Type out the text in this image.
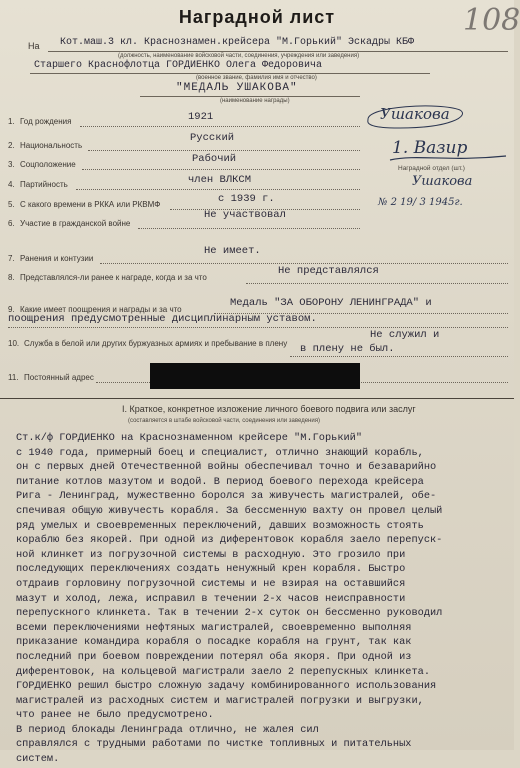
Наградной лист	108
На Кот.маш.3 кл. Краснознамен.крейсера "М.Горький" Эскадры КБФ
(должность, наименование войсковой части, соединения, учреждения или заведения)
Старшего Краснофлотца ГОРДИЕНКО Олега Федоровича
(военное звание, фамилия имя и отчество)
"МЕДАЛЬ УШАКОВА"
(наименование награды)
1. Год рождения	1921
2. Национальность
Русский
3. Соцположение	Рабочий
4. Партийность	член ВЛКСМ
5. С какого времени в РККА или РКВМФ	с 1939 г.
6. Участие в гражданской войне
Не участвовал
7. Ранения и контузии
Не имеет.
8. Представлялся-ли ранее к награде, когда и за что
Не представлялся
9. Какие имеет поощрения и награды и за что
Медаль "ЗА ОБОРОНУ ЛЕНИНГРАДА" и
поощрения предусмотренные дисциплинарным уставом.
10. Служба в белой или других буржуазных армиях и пребывание в плену
Не служил и
в плену не был.
11. Постоянный адрес
I. Краткое, конкретное изложение личного боевого подвига или заслуг
(составляется в штабе войсковой части, соединения или заведения)
Ст.к/ф ГОРДИЕНКО на Краснознаменном крейсере "М.Горький"
с 1940 года, примерный боец и специалист, отлично знающий корабль,
он с первых дней Отечественной войны обеспечивал точно и безаварийно
питание котлов мазутом и водой. В период боевого перехода крейсера
Рига - Ленинград, мужественно боролся за живучесть магистралей, обе-
спечивая общую живучесть корабля. За бессменную вахту он провел целый
ряд умелых и своевременных переключений, давших возможность стоять
кораблю без якорей. При одной из диферентовок корабля заело перепуск-
ной клинкет из погрузочной системы в расходную. Это грозило при
последующих переключениях создать ненужный крен корабля. Быстро
отдраив горловину погрузочной системы и не взирая на оставшийся
мазут и холод, лежа, исправил в течении 2-х часов неисправности
перепускного клинкета. Так в течении 2-х суток он бессменно руководил
всеми переключениями нефтяных магистралей, своевременно выполняя
приказание командира корабля о посадке корабля на грунт, так как
последний при боевом повреждении потерял оба якоря. При одной из
диферентовок, на кольцевой магистрали заело 2 перепускных клинкета.
ГОРДИЕНКО решил быстро сложную задачу комбинированного использования
магистралей из расходных систем и магистралей погрузки и выгрузки,
что ранее не было предусмотрено.
В период блокады Ленинграда отлично, не жалея сил
справлялся с трудными работами по чистке топливных и питательных
систем.
Ушакова
1. Вазир
Наградной отдел (шт.)
Ушакова
№ 2 19/ 3 1945г.
